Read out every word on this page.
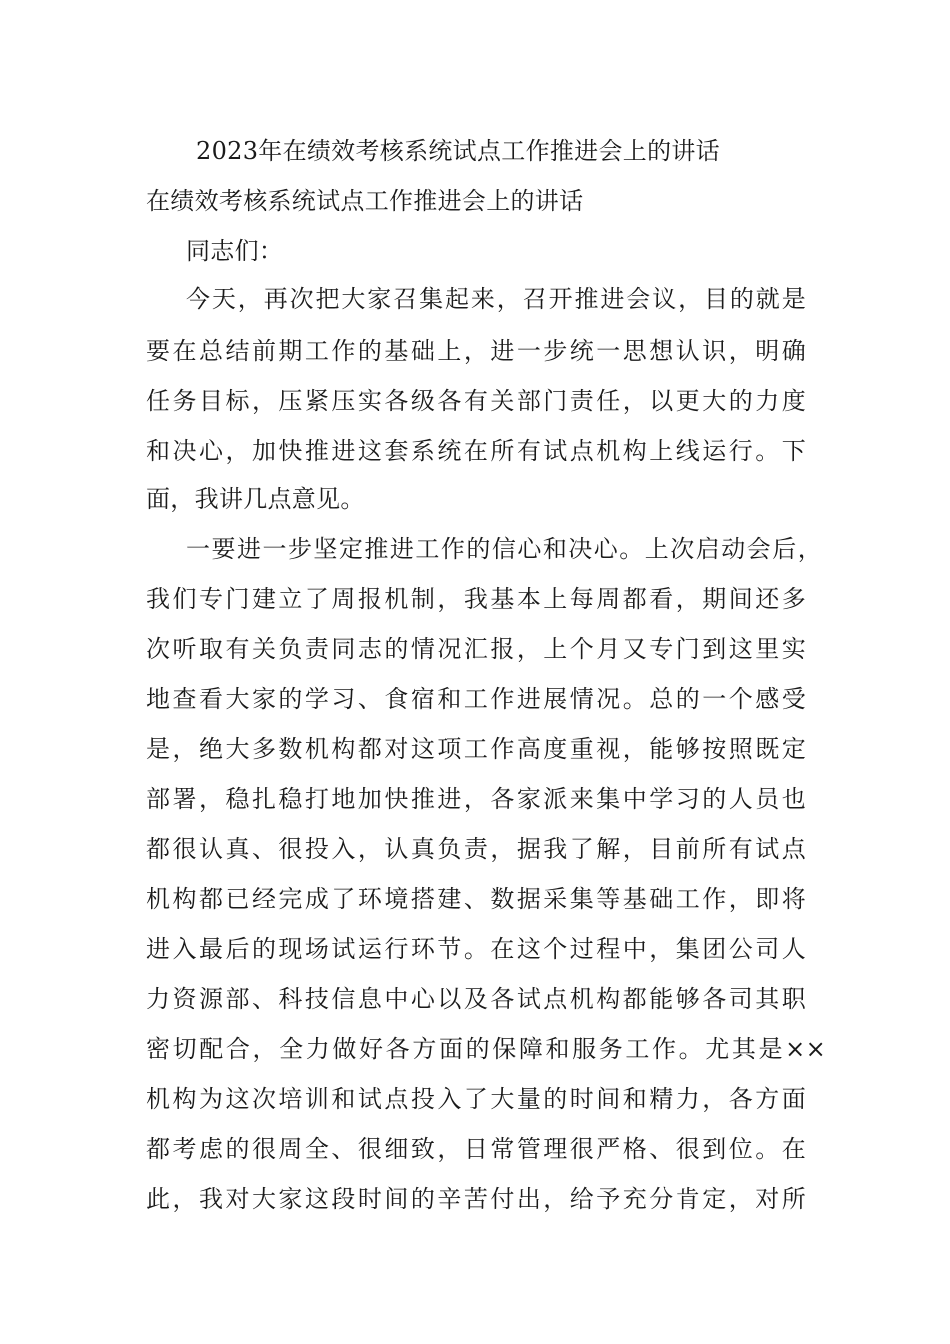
2023年在绩效考核系统试点工作推进会上的讲话
在绩效考核系统试点工作推进会上的讲话
同志们：
今天，再次把大家召集起来，召开推进会议，目的就是
要在总结前期工作的基础上，进一步统一思想认识，明确
任务目标，压紧压实各级各有关部门责任，以更大的力度
和决心，加快推进这套系统在所有试点机构上线运行。下
面，我讲几点意见。
一要进一步坚定推进工作的信心和决心。上次启动会后，
我们专门建立了周报机制，我基本上每周都看，期间还多
次听取有关负责同志的情况汇报，上个月又专门到这里实
地查看大家的学习、食宿和工作进展情况。总的一个感受
是，绝大多数机构都对这项工作高度重视，能够按照既定
部署，稳扎稳打地加快推进，各家派来集中学习的人员也
都很认真、很投入，认真负责，据我了解，目前所有试点
机构都已经完成了环境搭建、数据采集等基础工作，即将
进入最后的现场试运行环节。在这个过程中，集团公司人
力资源部、科技信息中心以及各试点机构都能够各司其职
密切配合，全力做好各方面的保障和服务工作。尤其是××
机构为这次培训和试点投入了大量的时间和精力，各方面
都考虑的很周全、很细致，日常管理很严格、很到位。在
此，我对大家这段时间的辛苦付出，给予充分肯定，对所
